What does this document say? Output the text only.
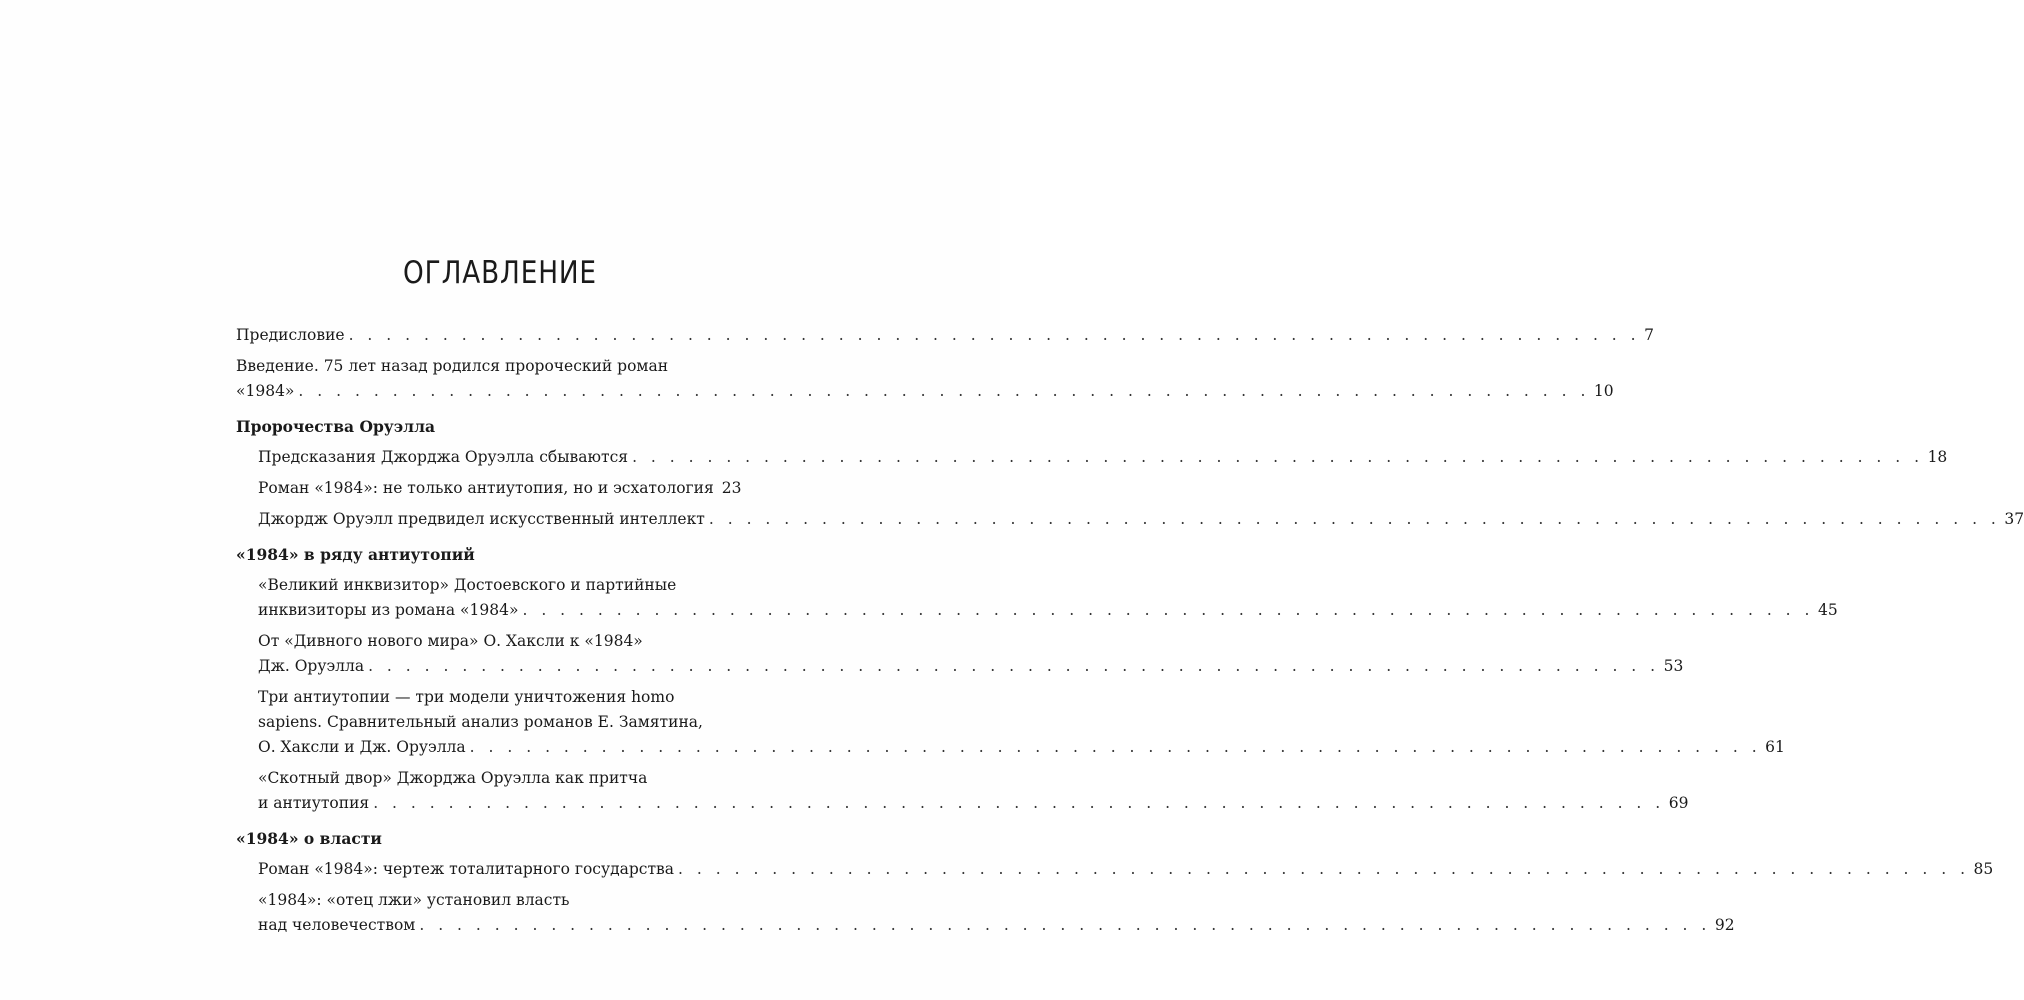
ОГЛАВЛЕНИЕ
Предисловие . . . . . . . . . . . . . . . . . . . . . . . . . . . . . . . . . . . . . . . . . . . . . . . . . . . . . . . . . . . . . . . . . . . . . 7
Введение. 75 лет назад родился пророческий роман
«1984» . . . . . . . . . . . . . . . . . . . . . . . . . . . . . . . . . . . . . . . . . . . . . . . . . . . . . . . . . . . . . . . . . . . . . 10
Пророчества Оруэлла
Предсказания Джорджа Оруэлла сбываются . . . . . . . . . . . . . . . . . . . . . . . . . . . . . . . . . . . . . . . . . . . . . . . . . . . . . . . . . . . . . . . . . . . . . 18
Роман «1984»: не только антиутопия, но и эсхатология 23
Джордж Оруэлл предвидел искусственный интеллект . . . . . . . . . . . . . . . . . . . . . . . . . . . . . . . . . . . . . . . . . . . . . . . . . . . . . . . . . . . . . . . . . . . . . 37
«1984» в ряду антиутопий
«Великий инквизитор» Достоевского и партийные
инквизиторы из романа «1984» . . . . . . . . . . . . . . . . . . . . . . . . . . . . . . . . . . . . . . . . . . . . . . . . . . . . . . . . . . . . . . . . . . . . . 45
От «Дивного нового мира» О. Хаксли к «1984»
Дж. Оруэлла . . . . . . . . . . . . . . . . . . . . . . . . . . . . . . . . . . . . . . . . . . . . . . . . . . . . . . . . . . . . . . . . . . . . . 53
Три антиутопии — три модели уничтожения homo
sapiens. Сравнительный анализ романов Е. Замятина,
О. Хаксли и Дж. Оруэлла . . . . . . . . . . . . . . . . . . . . . . . . . . . . . . . . . . . . . . . . . . . . . . . . . . . . . . . . . . . . . . . . . . . . . 61
«Скотный двор» Джорджа Оруэлла как притча
и антиутопия . . . . . . . . . . . . . . . . . . . . . . . . . . . . . . . . . . . . . . . . . . . . . . . . . . . . . . . . . . . . . . . . . . . . . 69
«1984» о власти
Роман «1984»: чертеж тоталитарного государства . . . . . . . . . . . . . . . . . . . . . . . . . . . . . . . . . . . . . . . . . . . . . . . . . . . . . . . . . . . . . . . . . . . . . 85
«1984»: «отец лжи» установил власть
над человечеством . . . . . . . . . . . . . . . . . . . . . . . . . . . . . . . . . . . . . . . . . . . . . . . . . . . . . . . . . . . . . . . . . . . . . 92
